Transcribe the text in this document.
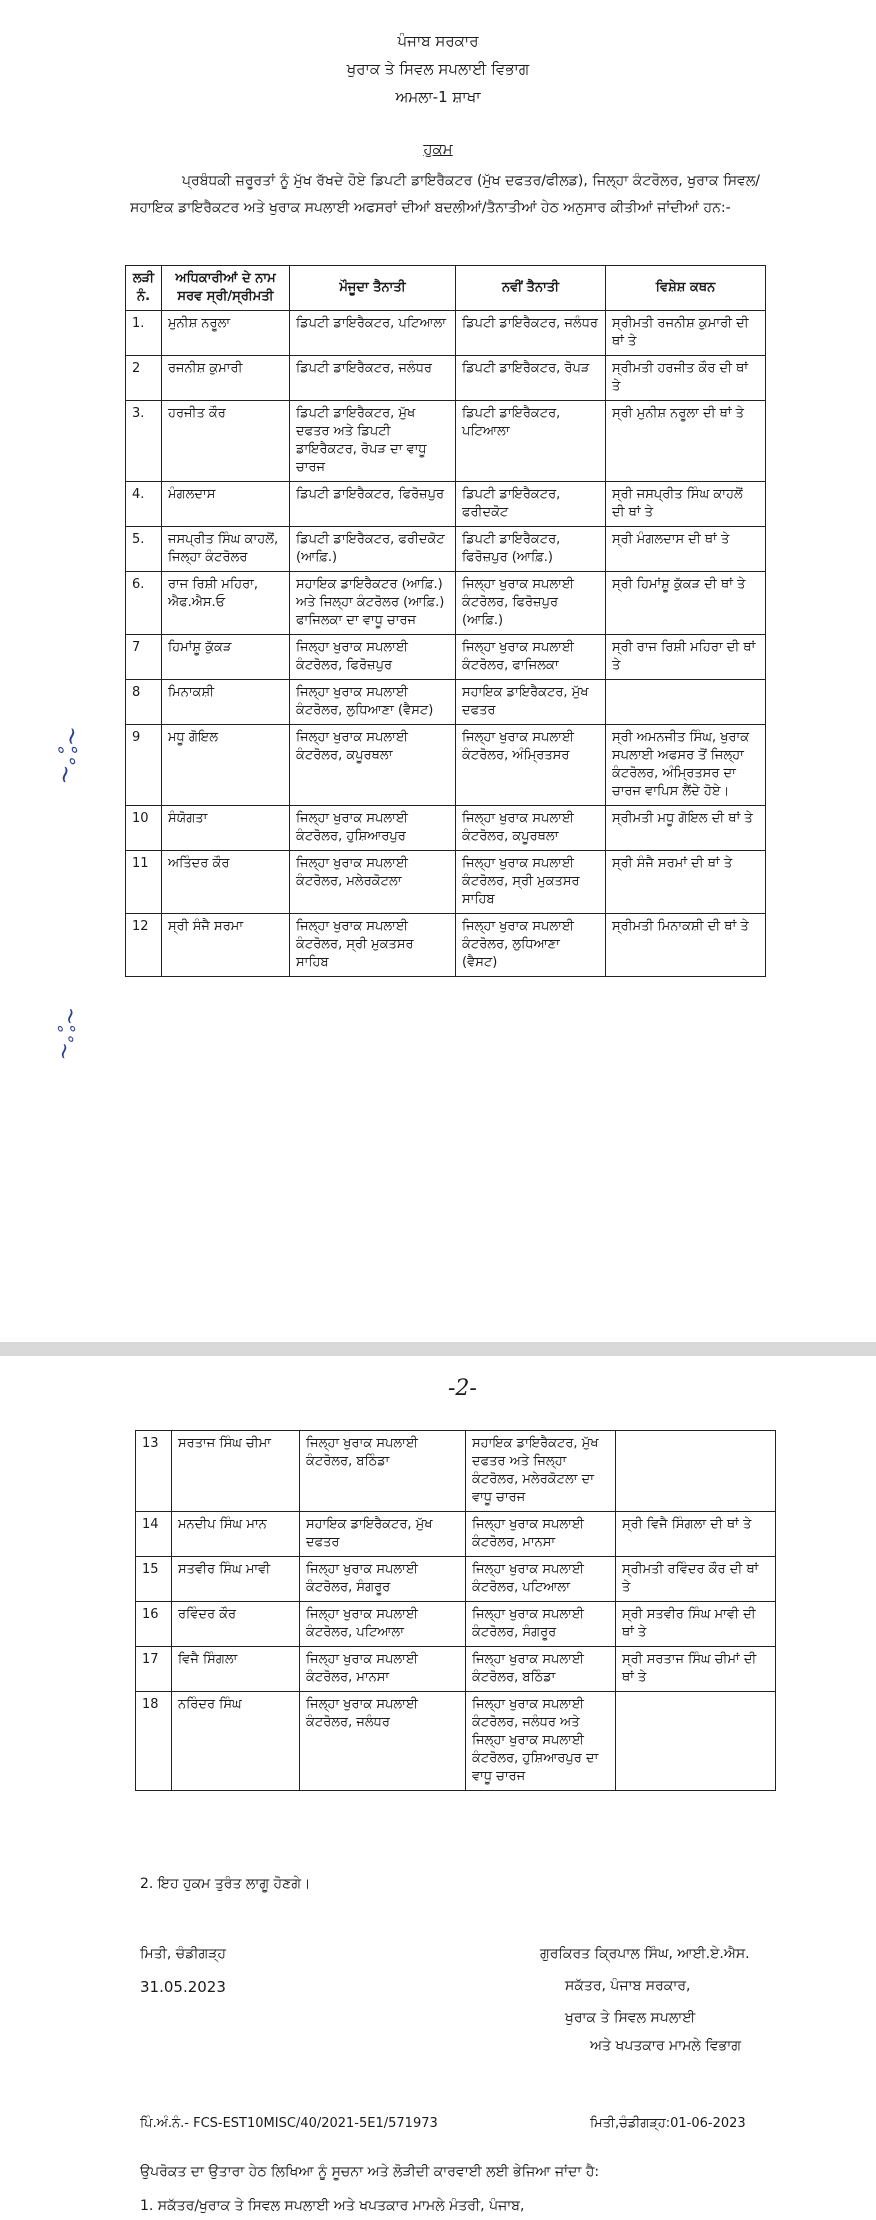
ਪੰਜਾਬ ਸਰਕਾਰ
ਖੁਰਾਕ ਤੇ ਸਿਵਲ ਸਪਲਾਈ ਵਿਭਾਗ
ਅਮਲਾ-1 ਸ਼ਾਖਾ
ਹੁਕਮ

ਪ੍ਰਬੰਧਕੀ ਜ਼ਰੂਰਤਾਂ ਨੂੰ ਮੁੱਖ ਰੱਖਦੇ ਹੋਏ ਡਿਪਟੀ ਡਾਇਰੈਕਟਰ (ਮੁੱਖ ਦਫਤਰ/ਫੀਲਡ), ਜਿਲ੍ਹਾ ਕੰਟਰੋਲਰ, ਖੁਰਾਕ ਸਿਵਲ/ਸਹਾਇਕ ਡਾਇਰੈਕਟਰ ਅਤੇ ਖੁਰਾਕ ਸਪਲਾਈ ਅਫਸਰਾਂ ਦੀਆਂ ਬਦਲੀਆਂ/ਤੈਨਾਤੀਆਂ ਹੇਠ ਅਨੁਸਾਰ ਕੀਤੀਆਂ ਜਾਂਦੀਆਂ ਹਨ:-

ਲੜੀ ਨੰ.	ਅਧਿਕਾਰੀਆਂ ਦੇ ਨਾਮ ਸਰਵ ਸ੍ਰੀ/ਸ੍ਰੀਮਤੀ	ਮੌਜੂਦਾ ਤੈਨਾਤੀ	ਨਵੀਂ ਤੈਨਾਤੀ	ਵਿਸ਼ੇਸ਼ ਕਥਨ
1.	ਮੁਨੀਸ਼ ਨਰੂਲਾ	ਡਿਪਟੀ ਡਾਇਰੈਕਟਰ, ਪਟਿਆਲਾ	ਡਿਪਟੀ ਡਾਇਰੈਕਟਰ, ਜਲੰਧਰ	ਸ੍ਰੀਮਤੀ ਰਜਨੀਸ਼ ਕੁਮਾਰੀ ਦੀ ਥਾਂ ਤੇ
2	ਰਜਨੀਸ਼ ਕੁਮਾਰੀ	ਡਿਪਟੀ ਡਾਇਰੈਕਟਰ, ਜਲੰਧਰ	ਡਿਪਟੀ ਡਾਇਰੈਕਟਰ, ਰੋਪੜ	ਸ੍ਰੀਮਤੀ ਹਰਜੀਤ ਕੌਰ ਦੀ ਥਾਂ ਤੇ
3.	ਹਰਜੀਤ ਕੌਰ	ਡਿਪਟੀ ਡਾਇਰੈਕਟਰ, ਮੁੱਖ ਦਫਤਰ ਅਤੇ ਡਿਪਟੀ ਡਾਇਰੈਕਟਰ, ਰੋਪੜ ਦਾ ਵਾਧੂ ਚਾਰਜ	ਡਿਪਟੀ ਡਾਇਰੈਕਟਰ, ਪਟਿਆਲਾ	ਸ੍ਰੀ ਮੁਨੀਸ਼ ਨਰੂਲਾ ਦੀ ਥਾਂ ਤੇ
4.	ਮੰਗਲਦਾਸ	ਡਿਪਟੀ ਡਾਇਰੈਕਟਰ, ਫਿਰੋਜ਼ਪੁਰ	ਡਿਪਟੀ ਡਾਇਰੈਕਟਰ, ਫਰੀਦਕੋਟ	ਸ੍ਰੀ ਜਸਪ੍ਰੀਤ ਸਿੰਘ ਕਾਹਲੋਂ ਦੀ ਥਾਂ ਤੇ
5.	ਜਸਪ੍ਰੀਤ ਸਿੰਘ ਕਾਹਲੋਂ, ਜਿਲ੍ਹਾ ਕੰਟਰੋਲਰ	ਡਿਪਟੀ ਡਾਇਰੈਕਟਰ, ਫਰੀਦਕੋਟ (ਆਫ਼ਿ.)	ਡਿਪਟੀ ਡਾਇਰੈਕਟਰ, ਫਿਰੋਜ਼ਪੁਰ (ਆਫ਼ਿ.)	ਸ੍ਰੀ ਮੰਗਲਦਾਸ ਦੀ ਥਾਂ ਤੇ
6.	ਰਾਜ ਰਿਸ਼ੀ ਮਹਿਰਾ, ਐਫ.ਐਸ.ਓ	ਸਹਾਇਕ ਡਾਇਰੈਕਟਰ (ਆਫ਼ਿ.) ਅਤੇ ਜਿਲ੍ਹਾ ਕੰਟਰੋਲਰ (ਆਫ਼ਿ.) ਫਾਜਿਲਕਾ ਦਾ ਵਾਧੂ ਚਾਰਜ	ਜਿਲ੍ਹਾ ਖੁਰਾਕ ਸਪਲਾਈ ਕੰਟਰੋਲਰ, ਫਿਰੋਜ਼ਪੁਰ (ਆਫ਼ਿ.)	ਸ੍ਰੀ ਹਿਮਾਂਸ਼ੂ ਕੁੱਕੜ ਦੀ ਥਾਂ ਤੇ
7	ਹਿਮਾਂਸ਼ੂ ਕੁੱਕੜ	ਜਿਲ੍ਹਾ ਖੁਰਾਕ ਸਪਲਾਈ ਕੰਟਰੋਲਰ, ਫਿਰੋਜ਼ਪੁਰ	ਜਿਲ੍ਹਾ ਖੁਰਾਕ ਸਪਲਾਈ ਕੰਟਰੋਲਰ, ਫਾਜਿਲਕਾ	ਸ੍ਰੀ ਰਾਜ ਰਿਸ਼ੀ ਮਹਿਰਾ ਦੀ ਥਾਂ ਤੇ
8	ਮਿਨਾਕਸ਼ੀ	ਜਿਲ੍ਹਾ ਖੁਰਾਕ ਸਪਲਾਈ ਕੰਟਰੋਲਰ, ਲੁਧਿਆਣਾ (ਵੈਸਟ)	ਸਹਾਇਕ ਡਾਇਰੈਕਟਰ, ਮੁੱਖ ਦਫਤਰ	
9	ਮਧੂ ਗੋਇਲ	ਜਿਲ੍ਹਾ ਖੁਰਾਕ ਸਪਲਾਈ ਕੰਟਰੋਲਰ, ਕਪੂਰਥਲਾ	ਜਿਲ੍ਹਾ ਖੁਰਾਕ ਸਪਲਾਈ ਕੰਟਰੋਲਰ, ਅੰਮ੍ਰਿਤਸਰ	ਸ੍ਰੀ ਅਮਨਜੀਤ ਸਿੰਘ, ਖੁਰਾਕ ਸਪਲਾਈ ਅਫਸਰ ਤੋਂ ਜਿਲ੍ਹਾ ਕੰਟਰੋਲਰ, ਅੰਮ੍ਰਿਤਸਰ ਦਾ ਚਾਰਜ ਵਾਪਿਸ ਲੈਂਦੇ ਹੋਏ।
10	ਸੰਯੋਗਤਾ	ਜਿਲ੍ਹਾ ਖੁਰਾਕ ਸਪਲਾਈ ਕੰਟਰੋਲਰ, ਹੁਸ਼ਿਆਰਪੁਰ	ਜਿਲ੍ਹਾ ਖੁਰਾਕ ਸਪਲਾਈ ਕੰਟਰੋਲਰ, ਕਪੂਰਥਲਾ	ਸ੍ਰੀਮਤੀ ਮਧੂ ਗੋਇਲ ਦੀ ਥਾਂ ਤੇ
11	ਅਤਿੰਦਰ ਕੌਰ	ਜਿਲ੍ਹਾ ਖੁਰਾਕ ਸਪਲਾਈ ਕੰਟਰੋਲਰ, ਮਲੇਰਕੋਟਲਾ	ਜਿਲ੍ਹਾ ਖੁਰਾਕ ਸਪਲਾਈ ਕੰਟਰੋਲਰ, ਸ੍ਰੀ ਮੁਕਤਸਰ ਸਾਹਿਬ	ਸ੍ਰੀ ਸੰਜੈ ਸਰਮਾਂ ਦੀ ਥਾਂ ਤੇ
12	ਸ੍ਰੀ ਸੰਜੈ ਸਰਮਾ	ਜਿਲ੍ਹਾ ਖੁਰਾਕ ਸਪਲਾਈ ਕੰਟਰੋਲਰ, ਸ੍ਰੀ ਮੁਕਤਸਰ ਸਾਹਿਬ	ਜਿਲ੍ਹਾ ਖੁਰਾਕ ਸਪਲਾਈ ਕੰਟਰੋਲਰ, ਲੁਧਿਆਣਾ (ਵੈਸਟ)	ਸ੍ਰੀਮਤੀ ਮਿਨਾਕਸ਼ੀ ਦੀ ਥਾਂ ਤੇ
~ஃ~
~ஃ~
-2-
13	ਸਰਤਾਜ ਸਿੰਘ ਚੀਮਾ	ਜਿਲ੍ਹਾ ਖੁਰਾਕ ਸਪਲਾਈ ਕੰਟਰੋਲਰ, ਬਠਿੰਡਾ	ਸਹਾਇਕ ਡਾਇਰੈਕਟਰ, ਮੁੱਖ ਦਫਤਰ ਅਤੇ ਜਿਲ੍ਹਾ ਕੰਟਰੋਲਰ, ਮਲੇਰਕੋਟਲਾ ਦਾ ਵਾਧੂ ਚਾਰਜ	
14	ਮਨਦੀਪ ਸਿੰਘ ਮਾਨ	ਸਹਾਇਕ ਡਾਇਰੈਕਟਰ, ਮੁੱਖ ਦਫਤਰ	ਜਿਲ੍ਹਾ ਖੁਰਾਕ ਸਪਲਾਈ ਕੰਟਰੋਲਰ, ਮਾਨਸਾ	ਸ੍ਰੀ ਵਿਜੈ ਸਿੰਗਲਾ ਦੀ ਥਾਂ ਤੇ
15	ਸਤਵੀਰ ਸਿੰਘ ਮਾਵੀ	ਜਿਲ੍ਹਾ ਖੁਰਾਕ ਸਪਲਾਈ ਕੰਟਰੋਲਰ, ਸੰਗਰੂਰ	ਜਿਲ੍ਹਾ ਖੁਰਾਕ ਸਪਲਾਈ ਕੰਟਰੋਲਰ, ਪਟਿਆਲਾ	ਸ੍ਰੀਮਤੀ ਰਵਿੰਦਰ ਕੌਰ ਦੀ ਥਾਂ ਤੇ
16	ਰਵਿੰਦਰ ਕੌਰ	ਜਿਲ੍ਹਾ ਖੁਰਾਕ ਸਪਲਾਈ ਕੰਟਰੋਲਰ, ਪਟਿਆਲਾ	ਜਿਲ੍ਹਾ ਖੁਰਾਕ ਸਪਲਾਈ ਕੰਟਰੋਲਰ, ਸੰਗਰੂਰ	ਸ੍ਰੀ ਸਤਵੀਰ ਸਿੰਘ ਮਾਵੀ ਦੀ ਥਾਂ ਤੇ
17	ਵਿਜੈ ਸਿੰਗਲਾ	ਜਿਲ੍ਹਾ ਖੁਰਾਕ ਸਪਲਾਈ ਕੰਟਰੋਲਰ, ਮਾਨਸਾ	ਜਿਲ੍ਹਾ ਖੁਰਾਕ ਸਪਲਾਈ ਕੰਟਰੋਲਰ, ਬਠਿੰਡਾ	ਸ੍ਰੀ ਸਰਤਾਜ ਸਿੰਘ ਚੀਮਾਂ ਦੀ ਥਾਂ ਤੇ
18	ਨਰਿੰਦਰ ਸਿੰਘ	ਜਿਲ੍ਹਾ ਖੁਰਾਕ ਸਪਲਾਈ ਕੰਟਰੋਲਰ, ਜਲੰਧਰ	ਜਿਲ੍ਹਾ ਖੁਰਾਕ ਸਪਲਾਈ ਕੰਟਰੋਲਰ, ਜਲੰਧਰ ਅਤੇ ਜਿਲ੍ਹਾ ਖੁਰਾਕ ਸਪਲਾਈ ਕੰਟਰੋਲਰ, ਹੁਸ਼ਿਆਰਪੁਰ ਦਾ ਵਾਧੂ ਚਾਰਜ	
2. ਇਹ ਹੁਕਮ ਤੁਰੰਤ ਲਾਗੂ ਹੋਣਗੇ।
ਮਿਤੀ, ਚੰਡੀਗੜ੍ਹ
31.05.2023
ਗੁਰਕਿਰਤ ਕ੍ਰਿਪਾਲ ਸਿੰਘ, ਆਈ.ਏ.ਐਸ.
ਸਕੱਤਰ, ਪੰਜਾਬ ਸਰਕਾਰ,
ਖੁਰਾਕ ਤੇ ਸਿਵਲ ਸਪਲਾਈ
ਅਤੇ ਖਪਤਕਾਰ ਮਾਮਲੇ ਵਿਭਾਗ
ਪਿੰ.ਅੰ.ਨੰ.- FCS-EST10MISC/40/2021-5E1/571973	ਮਿਤੀ,ਚੰਡੀਗੜ੍ਹ:01-06-2023
ਉਪਰੋਕਤ ਦਾ ਉਤਾਰਾ ਹੇਠ ਲਿਖਿਆ ਨੂੰ ਸੂਚਨਾ ਅਤੇ ਲੋੜੀਦੀ ਕਾਰਵਾਈ ਲਈ ਭੇਜਿਆ ਜਾਂਦਾ ਹੈ:
1. ਸਕੱਤਰ/ਖੁਰਾਕ ਤੇ ਸਿਵਲ ਸਪਲਾਈ ਅਤੇ ਖਪਤਕਾਰ ਮਾਮਲੇ ਮੰਤਰੀ, ਪੰਜਾਬ,
